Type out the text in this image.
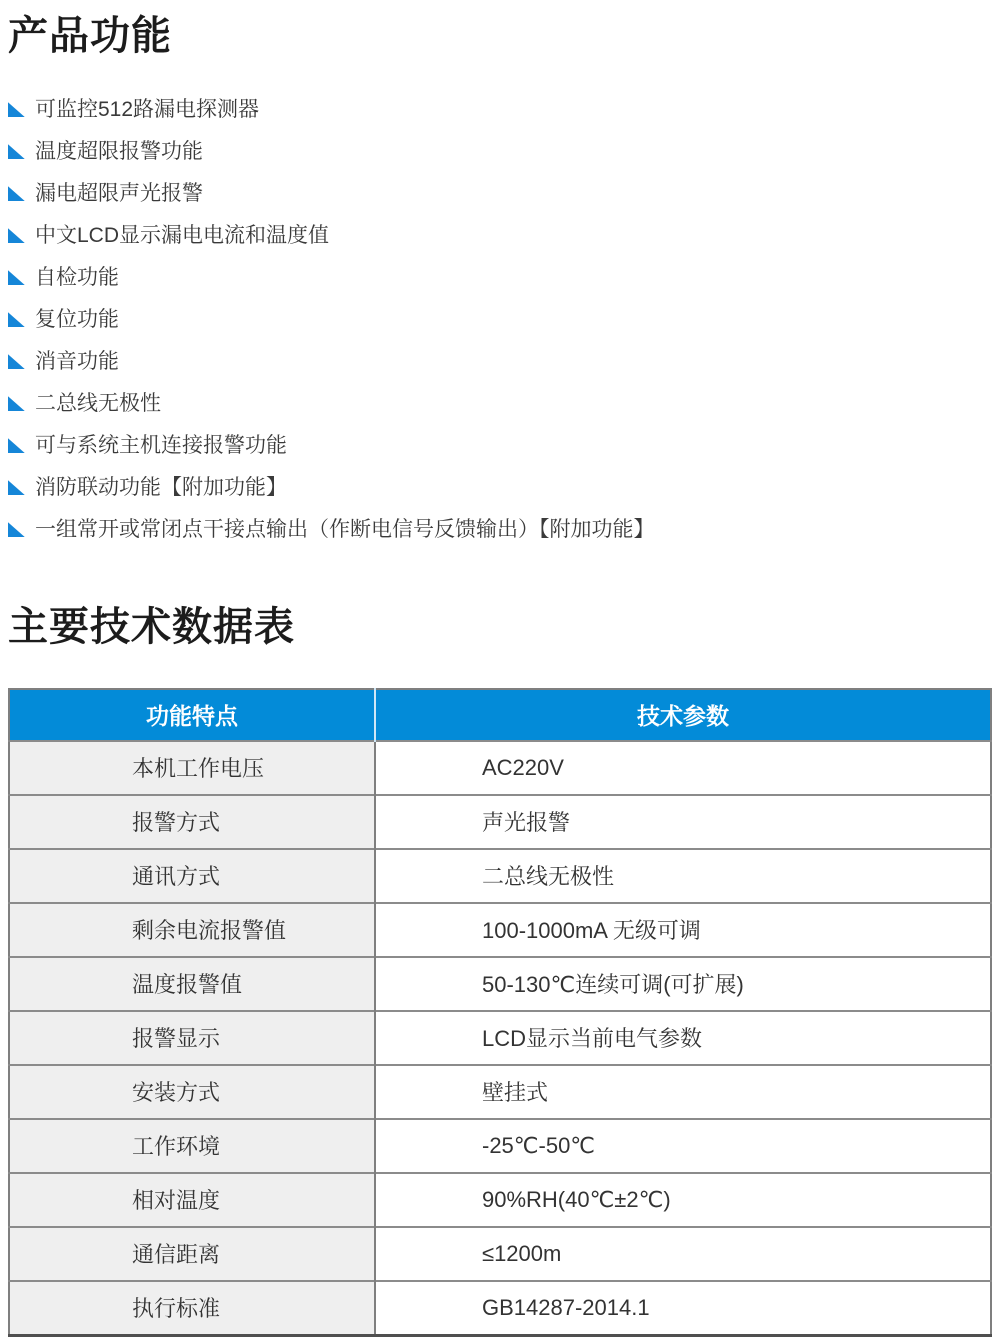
产品功能
可监控512路漏电探测器
温度超限报警功能
漏电超限声光报警
中文LCD显示漏电电流和温度值
自检功能
复位功能
消音功能
二总线无极性
可与系统主机连接报警功能
消防联动功能【附加功能】
一组常开或常闭点干接点输出（作断电信号反馈输出）【附加功能】
主要技术数据表
功能特点	技术参数
本机工作电压	AC220V
报警方式	声光报警
通讯方式	二总线无极性
剩余电流报警值	100-1000mA 无级可调
温度报警值	50-130℃连续可调(可扩展)
报警显示	LCD显示当前电气参数
安装方式	壁挂式
工作环境	-25℃-50℃
相对温度	90%RH(40℃±2℃)
通信距离	≤1200m
执行标准	GB14287-2014.1
